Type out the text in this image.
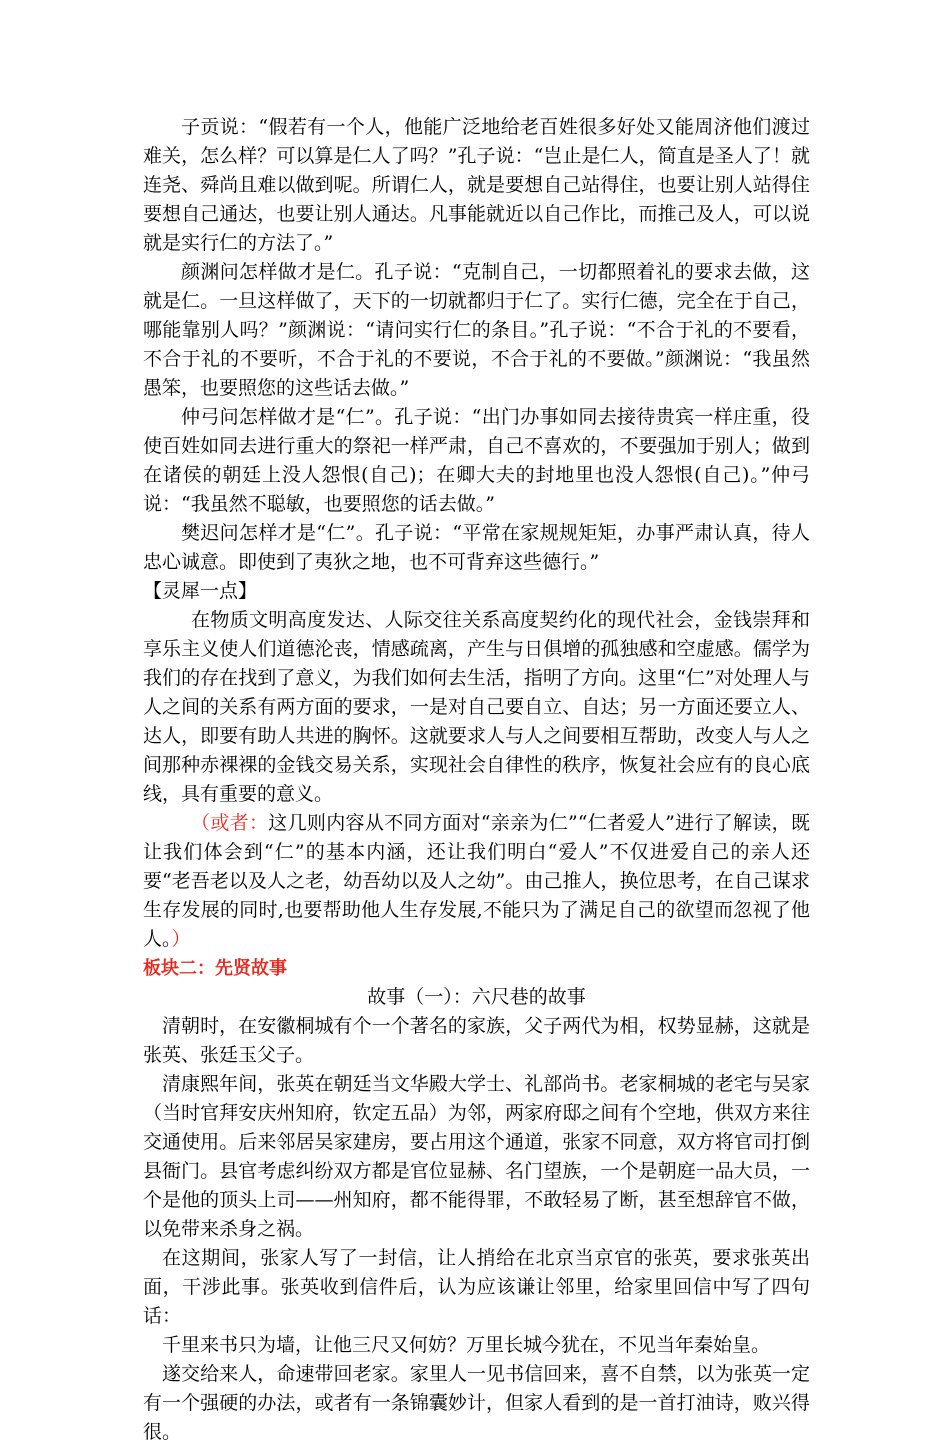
子贡说：“假若有一个人，他能广泛地给老百姓很多好处又能周济他们渡过难关，怎么样？可以算是仁人了吗？”孔子说：“岂止是仁人，简直是圣人了！就连尧、舜尚且难以做到呢。所谓仁人，就是要想自己站得住，也要让别人站得住要想自己通达，也要让别人通达。凡事能就近以自己作比，而推己及人，可以说就是实行仁的方法了。”

颜渊问怎样做才是仁。孔子说：“克制自己，一切都照着礼的要求去做，这就是仁。一旦这样做了，天下的一切就都归于仁了。实行仁德，完全在于自己，哪能靠别人吗？”颜渊说：“请问实行仁的条目。”孔子说：“不合于礼的不要看，不合于礼的不要听，不合于礼的不要说，不合于礼的不要做。”颜渊说：“我虽然愚笨，也要照您的这些话去做。”

仲弓问怎样做才是“仁”。孔子说：“出门办事如同去接待贵宾一样庄重，役使百姓如同去进行重大的祭祀一样严肃，自己不喜欢的，不要强加于别人；做到在诸侯的朝廷上没人怨恨(自己)；在卿大夫的封地里也没人怨恨(自己)。”仲弓说：“我虽然不聪敏，也要照您的话去做。”

樊迟问怎样才是“仁”。孔子说：“平常在家规规矩矩，办事严肃认真，待人忠心诚意。即使到了夷狄之地，也不可背弃这些德行。”

【灵犀一点】

在物质文明高度发达、人际交往关系高度契约化的现代社会，金钱崇拜和享乐主义使人们道德沦丧，情感疏离，产生与日俱增的孤独感和空虚感。儒学为我们的存在找到了意义，为我们如何去生活，指明了方向。这里“仁”对处理人与人之间的关系有两方面的要求，一是对自己要自立、自达；另一方面还要立人、达人，即要有助人共进的胸怀。这就要求人与人之间要相互帮助，改变人与人之间那种赤裸裸的金钱交易关系，实现社会自律性的秩序，恢复社会应有的良心底线，具有重要的意义。

（或者：这几则内容从不同方面对“亲亲为仁”“仁者爱人”进行了解读，既让我们体会到“仁”的基本内涵，还让我们明白“爱人”不仅进爱自己的亲人还要“老吾老以及人之老，幼吾幼以及人之幼”。由己推人，换位思考，在自己谋求生存发展的同时,也要帮助他人生存发展,不能只为了满足自己的欲望而忽视了他人。）

板块二：先贤故事

故事（一）：六尺巷的故事

清朝时，在安徽桐城有个一个著名的家族，父子两代为相，权势显赫，这就是张英、张廷玉父子。

清康熙年间，张英在朝廷当文华殿大学士、礼部尚书。老家桐城的老宅与吴家（当时官拜安庆州知府，钦定五品）为邻，两家府邸之间有个空地，供双方来往交通使用。后来邻居吴家建房，要占用这个通道，张家不同意，双方将官司打倒县衙门。县官考虑纠纷双方都是官位显赫、名门望族，一个是朝庭一品大员，一个是他的顶头上司——州知府，都不能得罪，不敢轻易了断，甚至想辞官不做，以免带来杀身之祸。

在这期间，张家人写了一封信，让人捎给在北京当京官的张英，要求张英出面，干涉此事。张英收到信件后，认为应该谦让邻里，给家里回信中写了四句话：

千里来书只为墙，让他三尺又何妨？万里长城今犹在，不见当年秦始皇。

遂交给来人，命速带回老家。家里人一见书信回来，喜不自禁，以为张英一定有一个强硬的办法，或者有一条锦囊妙计，但家人看到的是一首打油诗，败兴得很。
